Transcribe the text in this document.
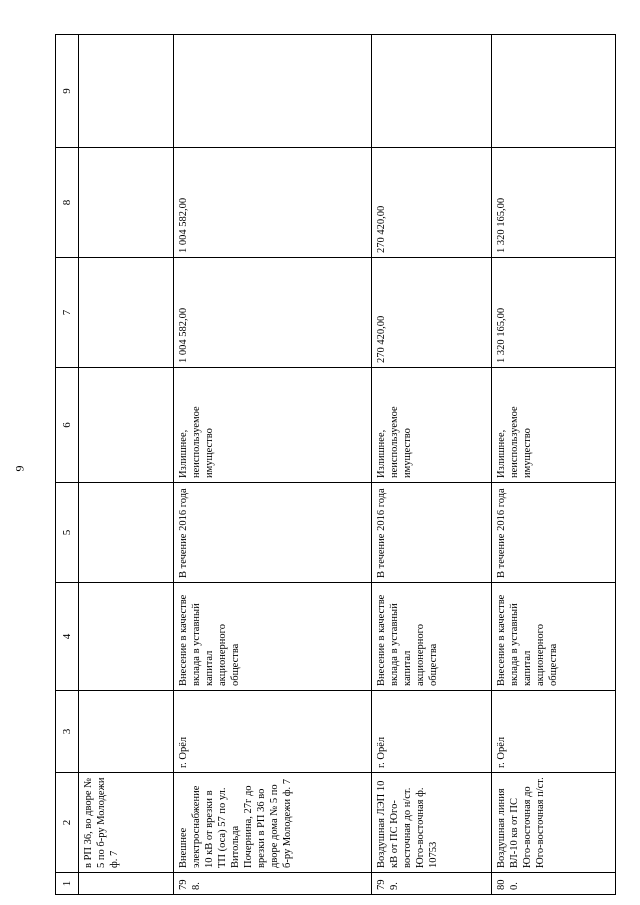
9
1	2	3	4	5	6	7	8	9
	в РП 36, во дворе № 5 по б-ру Молодежи ф. 7							
798.	Внешнее электроснабжение 10 кВ от врезки в ТП (оса) 57 по ул. Витольда Почернина, 27г до врезки в РП 36 во дворе дома № 5 по б-ру Молодежи ф. 7	г. Орёл	Внесение в качестве вклада в уставный капитал акционерного общества	В течение 2016 года	Излишнее, неиспользуемое имущество	1 004 582,00	1 004 582,00	
799.	Воздушная ЛЭП 10 кВ от ПС Юго-восточная до н/ст. Юго-восточная ф. 10753	г. Орёл	Внесение в качестве вклада в уставный капитал акционерного общества	В течение 2016 года	Излишнее, неиспользуемое имущество	270 420,00	270 420,00	
800.	Воздушная линия ВЛ-10 кв от ПС Юго-восточная до Юго-восточная п/ст.	г. Орёл	Внесение в качестве вклада в уставный капитал акционерного общества	В течение 2016 года	Излишнее, неиспользуемое имущество	1 320 165,00	1 320 165,00	
